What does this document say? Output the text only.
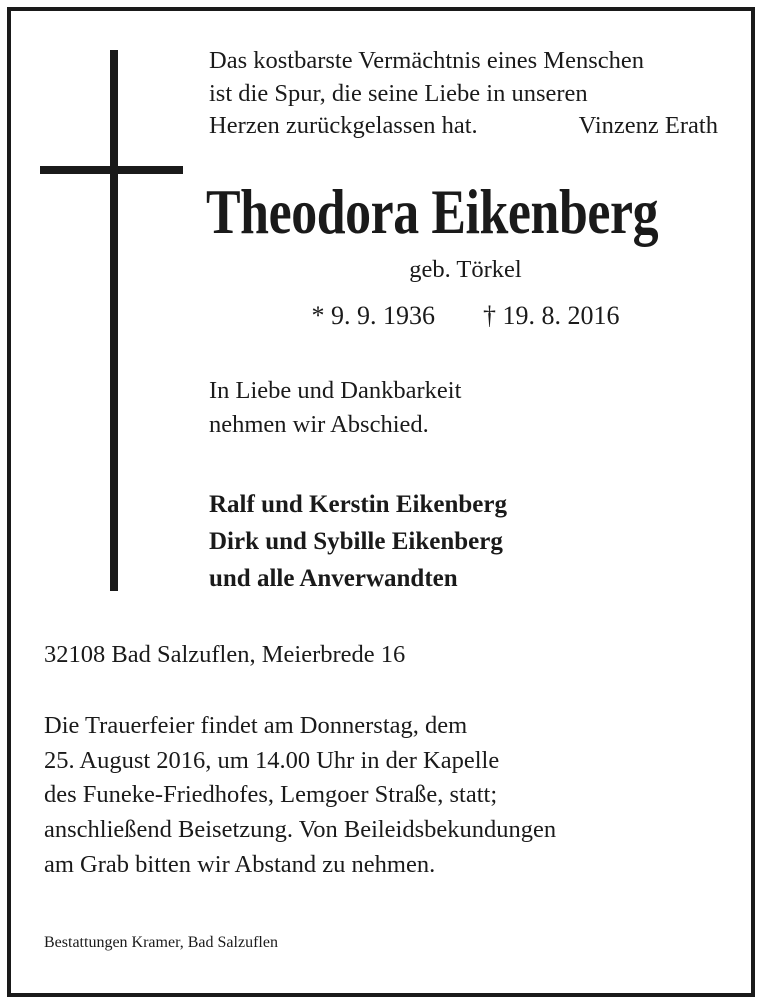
Das kostbarste Vermächtnis eines Menschen
ist die Spur, die seine Liebe in unseren
Herzen zurückgelassen hat.	Vinzenz Erath
Theodora Eikenberg
geb. Törkel
* 9. 9. 1936 † 19. 8. 2016
In Liebe und Dankbarkeit
nehmen wir Abschied.
Ralf und Kerstin Eikenberg
Dirk und Sybille Eikenberg
und alle Anverwandten
32108 Bad Salzuflen, Meierbrede 16
Die Trauerfeier findet am Donnerstag, dem
25. August 2016, um 14.00 Uhr in der Kapelle
des Funeke-Friedhofes, Lemgoer Straße, statt;
anschließend Beisetzung. Von Beileidsbekundungen
am Grab bitten wir Abstand zu nehmen.
Bestattungen Kramer, Bad Salzuflen
